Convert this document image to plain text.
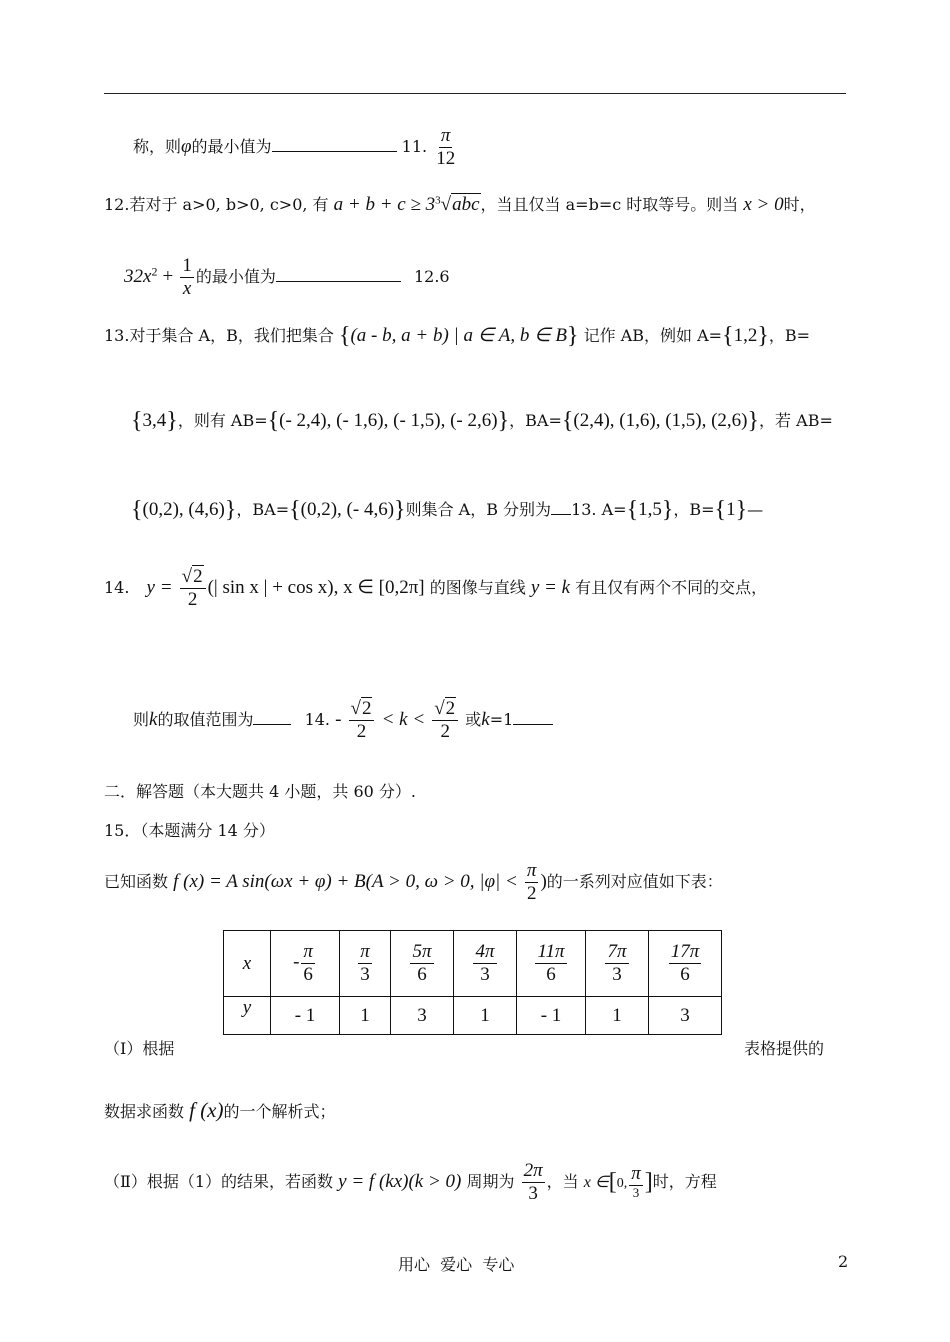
称，则φ的最小值为	11. $\frac{\pi}{12}$
12.若对于 a>0, b>0, c>0, 有 $a + b + c \ge 3^3√abc$，当且仅当 a=b=c 时取等号。则当 x > 0时，
$32x^2 + \frac{1}{x}$ 的最小值为	12.6
13.对于集合 A，B，我们把集合 {(a - b, a + b) | a ∈ A, b ∈ B} 记作 AB，例如 A={1,2}，B=
{3,4}，则有 AB={(- 2,4), (- 1,6), (- 1,5), (- 2,6)}，BA={(2,4), (1,6), (1,5), (2,6)}，若 AB=
{(0,2), (4,6)}，BA={(0,2), (- 4,6)}则集合 A，B 分别为 13. A={1,5}，B={1}—
14. $y = \frac{√2}{2}$ (| sin x | + cos x), x ∈ [0,2π] 的图像与直线 y = k 有且仅有两个不同的交点，
则k的取值范围为	14. - $\frac{√2}{2} < k < \frac{√2}{2}$ 或k=1
二．解答题（本大题共 4 小题，共 60 分）.
15．（本题满分 14 分）
已知函数 f (x) = A sin(ωx + φ) + B(A > 0, ω > 0, $|\varphi| < \frac{\pi}{2}$ )的一系列对应值如下表：
x	- $\frac{\pi}{6}$	$\frac{\pi}{3}$	$\frac{5\pi}{6}$	$\frac{4\pi}{3}$	$\frac{11\pi}{6}$	$\frac{7\pi}{3}$	$\frac{17\pi}{6}$

y	- 1	1	3	1	- 1	1	3
（Ⅰ）根据	表格提供的
数据求函数 f (x)的一个解析式；
（Ⅱ）根据（1）的结果，若函数 y = f (kx)(k > 0) 周期为 $\frac{2\pi}{3}$ ，当 x ∈[0, $\frac{\pi}{3}$ ]时，方程
用心  爱心  专心	2
